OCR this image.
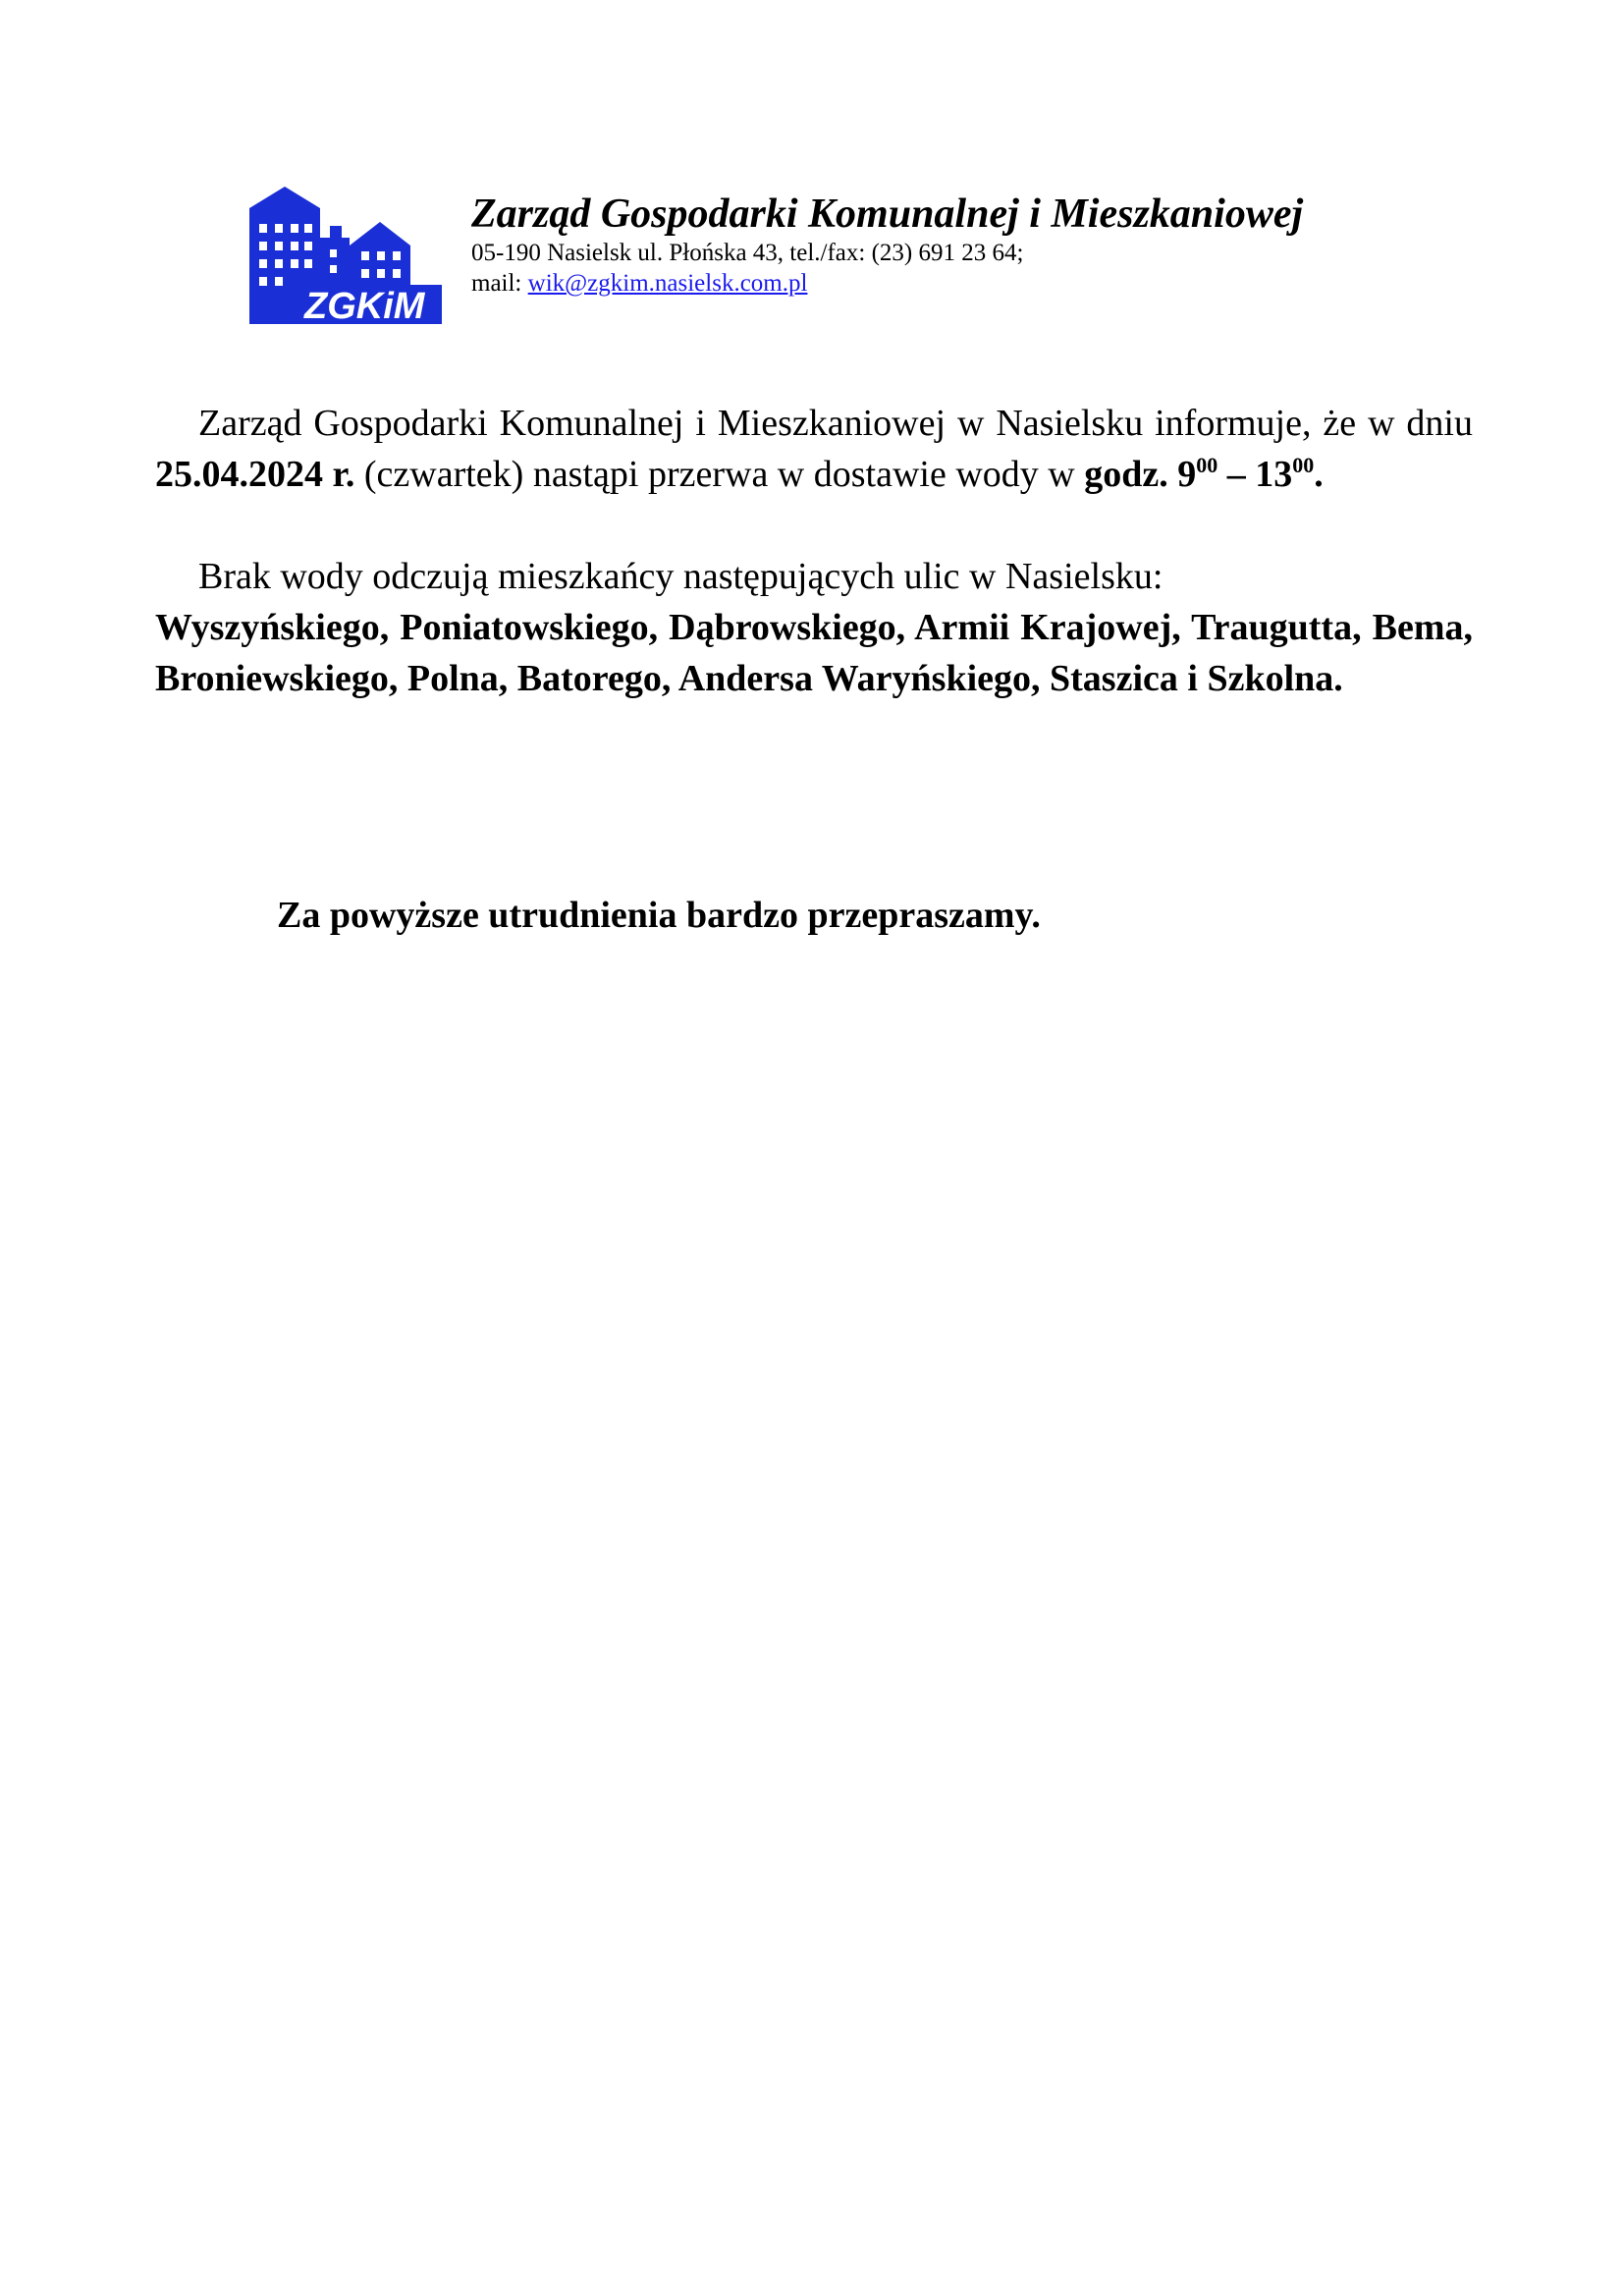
ZGKiM
Zarząd Gospodarki Komunalnej i Mieszkaniowej
05-190 Nasielsk ul. Płońska 43, tel./fax: (23) 691 23 64;
mail: wik@zgkim.nasielsk.com.pl

Zarząd Gospodarki Komunalnej i Mieszkaniowej w Nasielsku informuje, że w dniu 25.04.2024 r. (czwartek) nastąpi przerwa w dostawie wody w godz. $9^{00} - 13^{00}$.

Brak wody odczują mieszkańcy następujących ulic w Nasielsku:

Wyszyńskiego, Poniatowskiego, Dąbrowskiego, Armii Krajowej, Traugutta, Bema, Broniewskiego, Polna, Batorego, Andersa Waryńskiego, Staszica i Szkolna.

Za powyższe utrudnienia bardzo przepraszamy.
